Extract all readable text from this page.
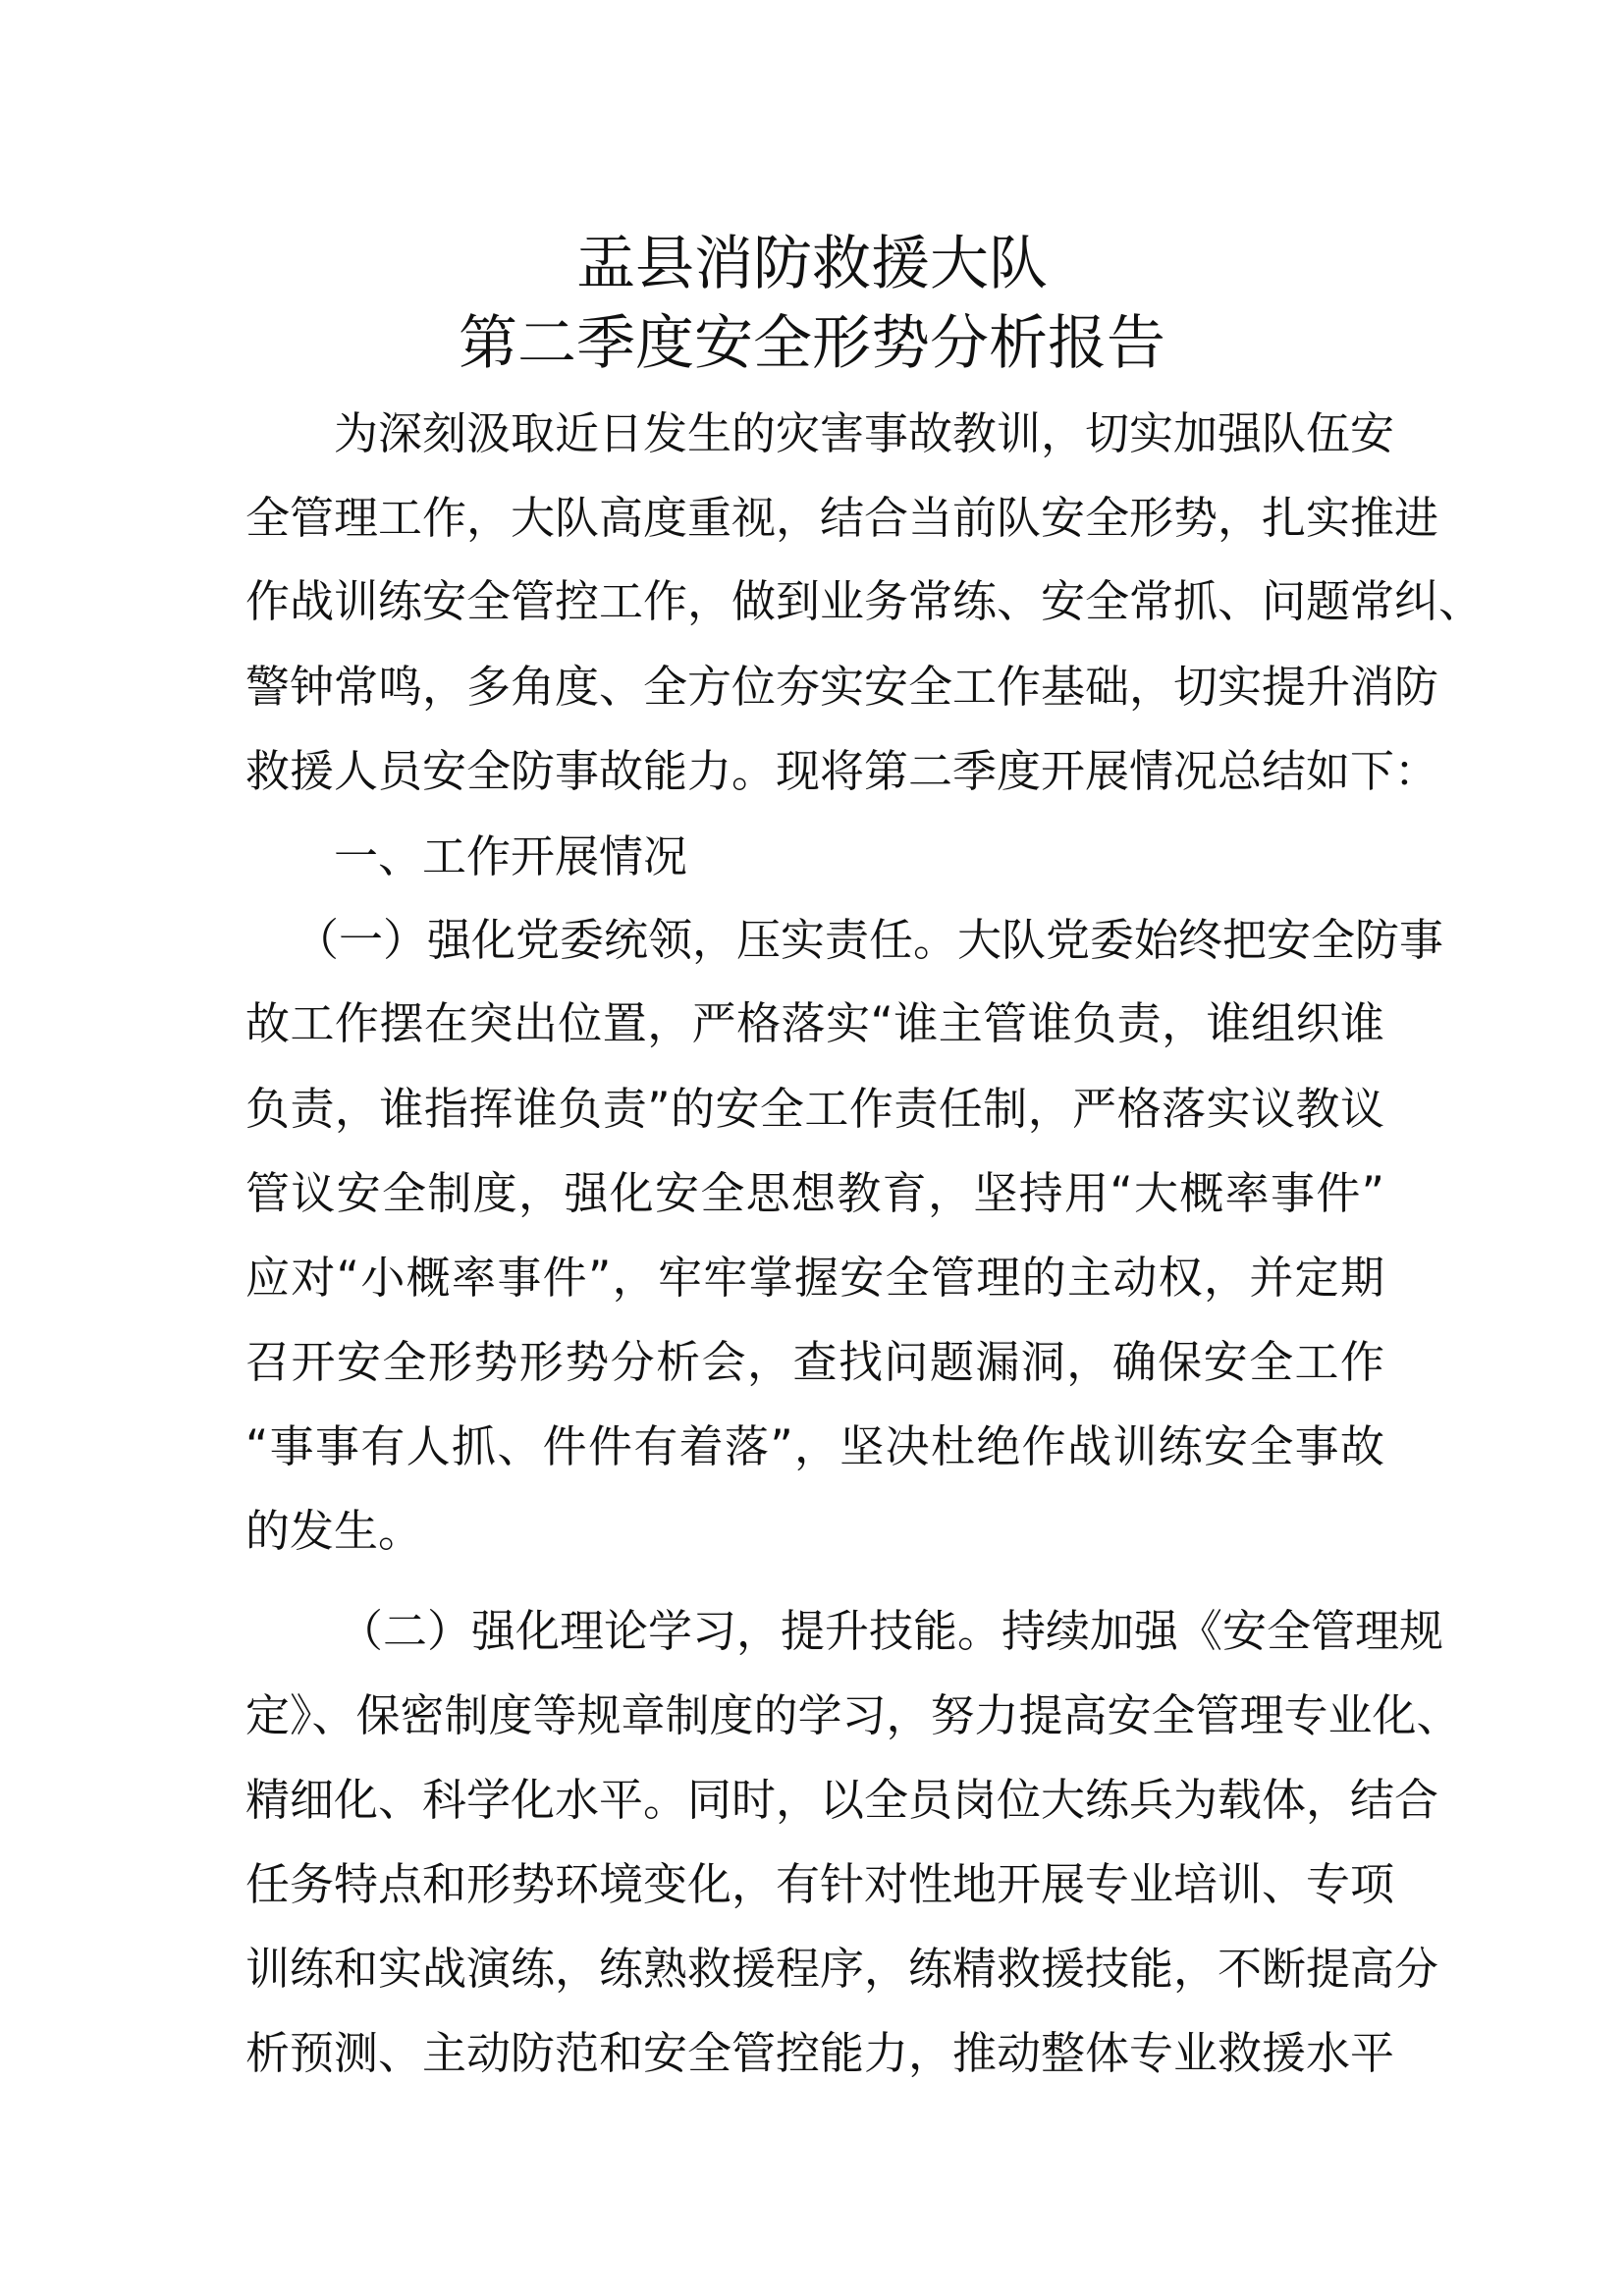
盂县消防救援大队
第二季度安全形势分析报告
为深刻汲取近日发生的灾害事故教训，切实加强队伍安
全管理工作，大队高度重视，结合当前队安全形势，扎实推进
作战训练安全管控工作，做到业务常练、安全常抓、问题常纠、
警钟常鸣，多角度、全方位夯实安全工作基础，切实提升消防
救援人员安全防事故能力。现将第二季度开展情况总结如下：
一、工作开展情况
（一）强化党委统领，压实责任。大队党委始终把安全防事
故工作摆在突出位置，严格落实“谁主管谁负责，谁组织谁
负责，谁指挥谁负责”的安全工作责任制，严格落实议教议
管议安全制度，强化安全思想教育，坚持用“大概率事件”
应对“小概率事件”，牢牢掌握安全管理的主动权，并定期
召开安全形势形势分析会，查找问题漏洞，确保安全工作
“事事有人抓、件件有着落”，坚决杜绝作战训练安全事故
的发生。
（二）强化理论学习，提升技能。持续加强《安全管理规
定》、保密制度等规章制度的学习，努力提高安全管理专业化、
精细化、科学化水平。同时，以全员岗位大练兵为载体，结合
任务特点和形势环境变化，有针对性地开展专业培训、专项
训练和实战演练，练熟救援程序，练精救援技能，不断提高分
析预测、主动防范和安全管控能力，推动整体专业救援水平
